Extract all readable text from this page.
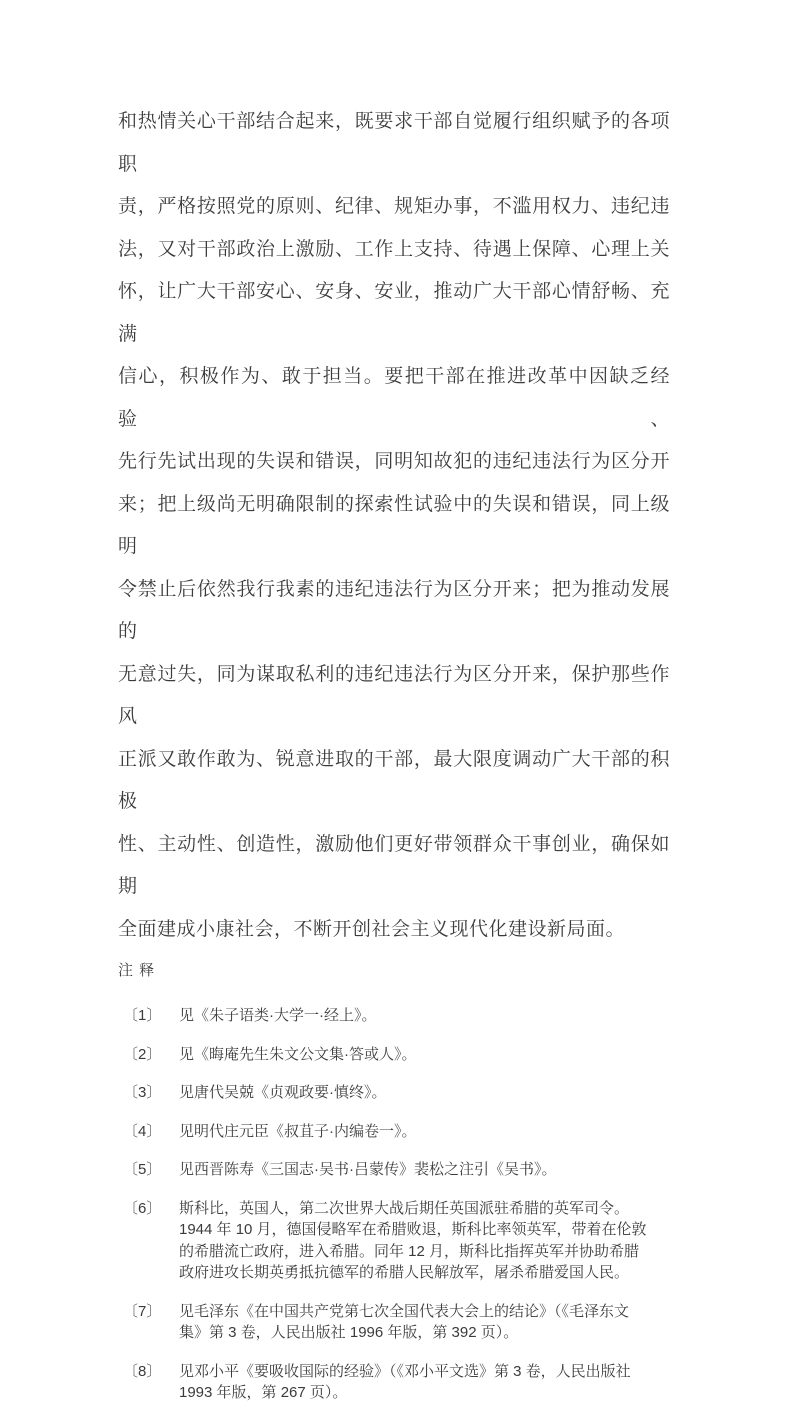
和热情关心干部结合起来，既要求干部自觉履行组织赋予的各项职
责，严格按照党的原则、纪律、规矩办事，不滥用权力、违纪违
法，又对干部政治上激励、工作上支持、待遇上保障、心理上关
怀，让广大干部安心、安身、安业，推动广大干部心情舒畅、充满
信心，积极作为、敢于担当。要把干部在推进改革中因缺乏经验、
先行先试出现的失误和错误，同明知故犯的违纪违法行为区分开
来；把上级尚无明确限制的探索性试验中的失误和错误，同上级明
令禁止后依然我行我素的违纪违法行为区分开来；把为推动发展的
无意过失，同为谋取私利的违纪违法行为区分开来，保护那些作风
正派又敢作敢为、锐意进取的干部，最大限度调动广大干部的积极
性、主动性、创造性，激励他们更好带领群众干事创业，确保如期
全面建成小康社会，不断开创社会主义现代化建设新局面。
注 释
〔1〕	见《朱子语类·大学一·经上》。
〔2〕	见《晦庵先生朱文公文集·答或人》。
〔3〕	见唐代吴兢《贞观政要·慎终》。
〔4〕	见明代庄元臣《叔苴子·内编卷一》。
〔5〕	见西晋陈寿《三国志·吴书·吕蒙传》裴松之注引《吴书》。
〔6〕	斯科比，英国人，第二次世界大战后期任英国派驻希腊的英军司令。
1944 年 10 月，德国侵略军在希腊败退，斯科比率领英军，带着在伦敦
的希腊流亡政府，进入希腊。同年 12 月，斯科比指挥英军并协助希腊
政府进攻长期英勇抵抗德军的希腊人民解放军，屠杀希腊爱国人民。
〔7〕	见毛泽东《在中国共产党第七次全国代表大会上的结论》（《毛泽东文
集》第 3 卷，人民出版社 1996 年版，第 392 页）。
〔8〕	见邓小平《要吸收国际的经验》（《邓小平文选》第 3 卷，人民出版社
1993 年版，第 267 页）。
